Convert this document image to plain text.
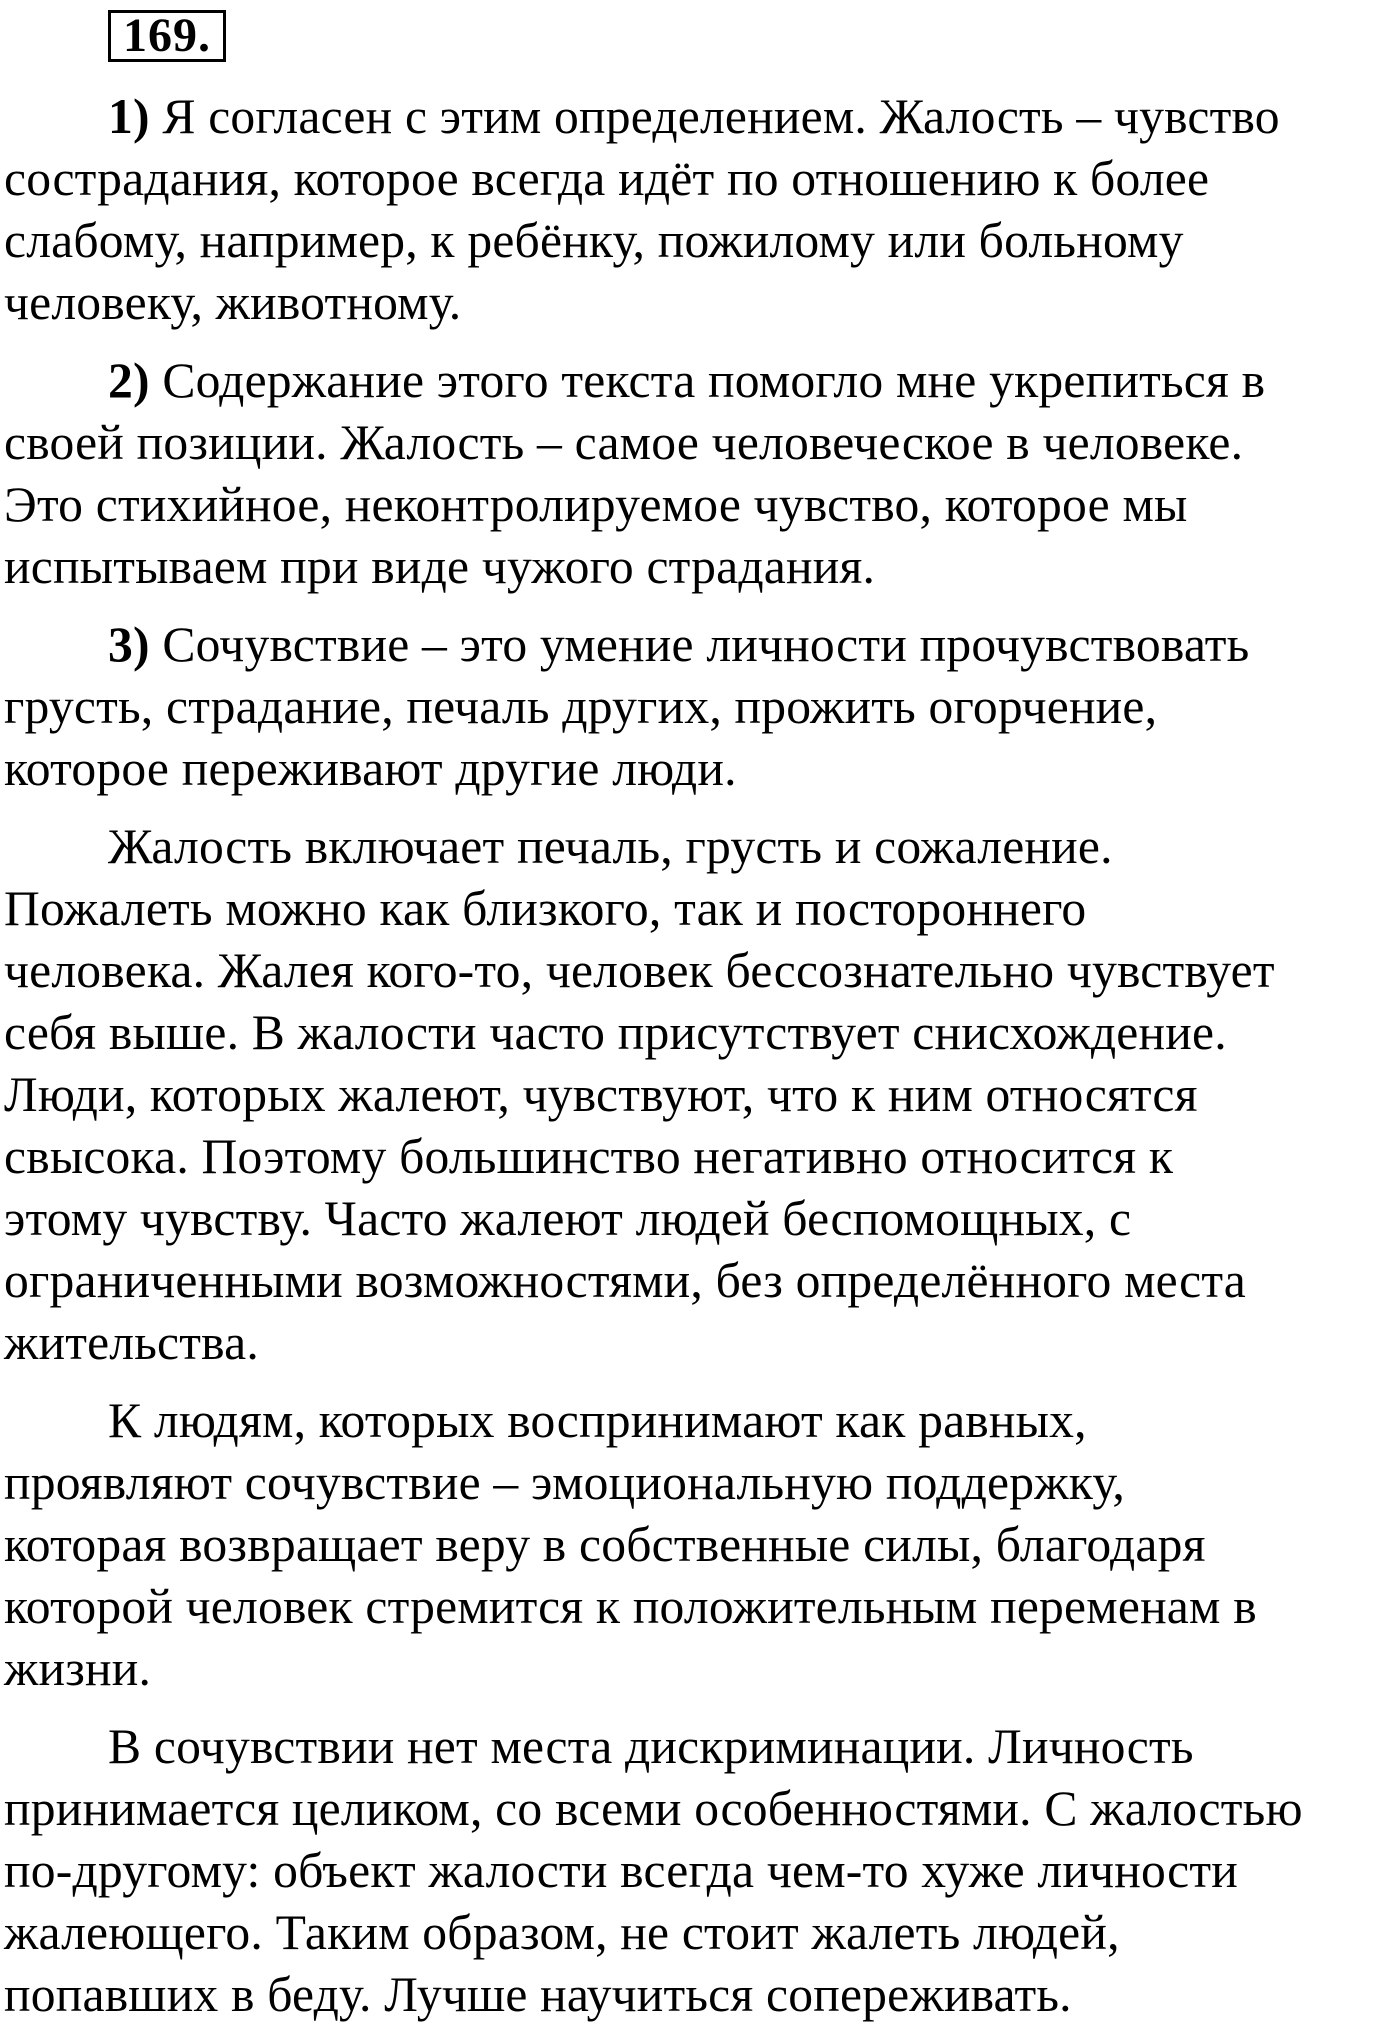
169.
1) Я согласен с этим определением. Жалость – чувство
сострадания, которое всегда идёт по отношению к более
слабому, например, к ребёнку, пожилому или больному
человеку, животному.
2) Содержание этого текста помогло мне укрепиться в
своей позиции. Жалость – самое человеческое в человеке.
Это стихийное, неконтролируемое чувство, которое мы
испытываем при виде чужого страдания.
3) Сочувствие – это умение личности прочувствовать
грусть, страдание, печаль других, прожить огорчение,
которое переживают другие люди.
Жалость включает печаль, грусть и сожаление.
Пожалеть можно как близкого, так и постороннего
человека. Жалея кого-то, человек бессознательно чувствует
себя выше. В жалости часто присутствует снисхождение.
Люди, которых жалеют, чувствуют, что к ним относятся
свысока. Поэтому большинство негативно относится к
этому чувству. Часто жалеют людей беспомощных, с
ограниченными возможностями, без определённого места
жительства.
К людям, которых воспринимают как равных,
проявляют сочувствие – эмоциональную поддержку,
которая возвращает веру в собственные силы, благодаря
которой человек стремится к положительным переменам в
жизни.
В сочувствии нет места дискриминации. Личность
принимается целиком, со всеми особенностями. С жалостью
по-другому: объект жалости всегда чем-то хуже личности
жалеющего. Таким образом, не стоит жалеть людей,
попавших в беду. Лучше научиться сопереживать.
